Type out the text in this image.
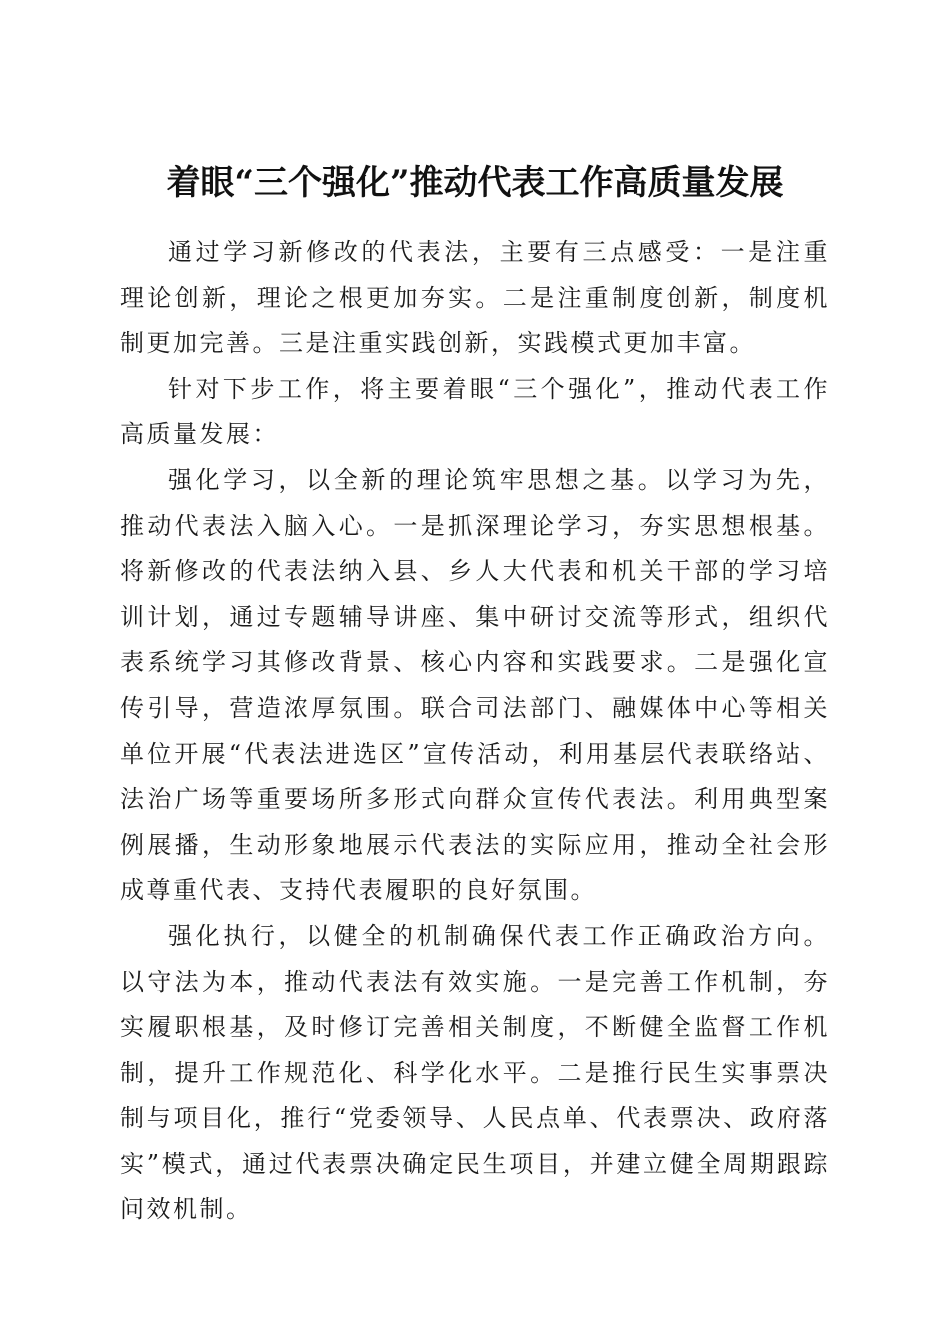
着眼“三个强化”推动代表工作高质量发展

通过学习新修改的代表法，主要有三点感受：一是注重理论创新，理论之根更加夯实。二是注重制度创新，制度机制更加完善。三是注重实践创新，实践模式更加丰富。

针对下步工作，将主要着眼“三个强化”，推动代表工作高质量发展：

强化学习，以全新的理论筑牢思想之基。以学习为先，推动代表法入脑入心。一是抓深理论学习，夯实思想根基。将新修改的代表法纳入县、乡人大代表和机关干部的学习培训计划，通过专题辅导讲座、集中研讨交流等形式，组织代表系统学习其修改背景、核心内容和实践要求。二是强化宣传引导，营造浓厚氛围。联合司法部门、融媒体中心等相关单位开展“代表法进选区”宣传活动，利用基层代表联络站、法治广场等重要场所多形式向群众宣传代表法。利用典型案例展播，生动形象地展示代表法的实际应用，推动全社会形成尊重代表、支持代表履职的良好氛围。

强化执行，以健全的机制确保代表工作正确政治方向。以守法为本，推动代表法有效实施。一是完善工作机制，夯实履职根基，及时修订完善相关制度，不断健全监督工作机制，提升工作规范化、科学化水平。二是推行民生实事票决制与项目化，推行“党委领导、人民点单、代表票决、政府落实”模式，通过代表票决确定民生项目，并建立健全周期跟踪问效机制。
